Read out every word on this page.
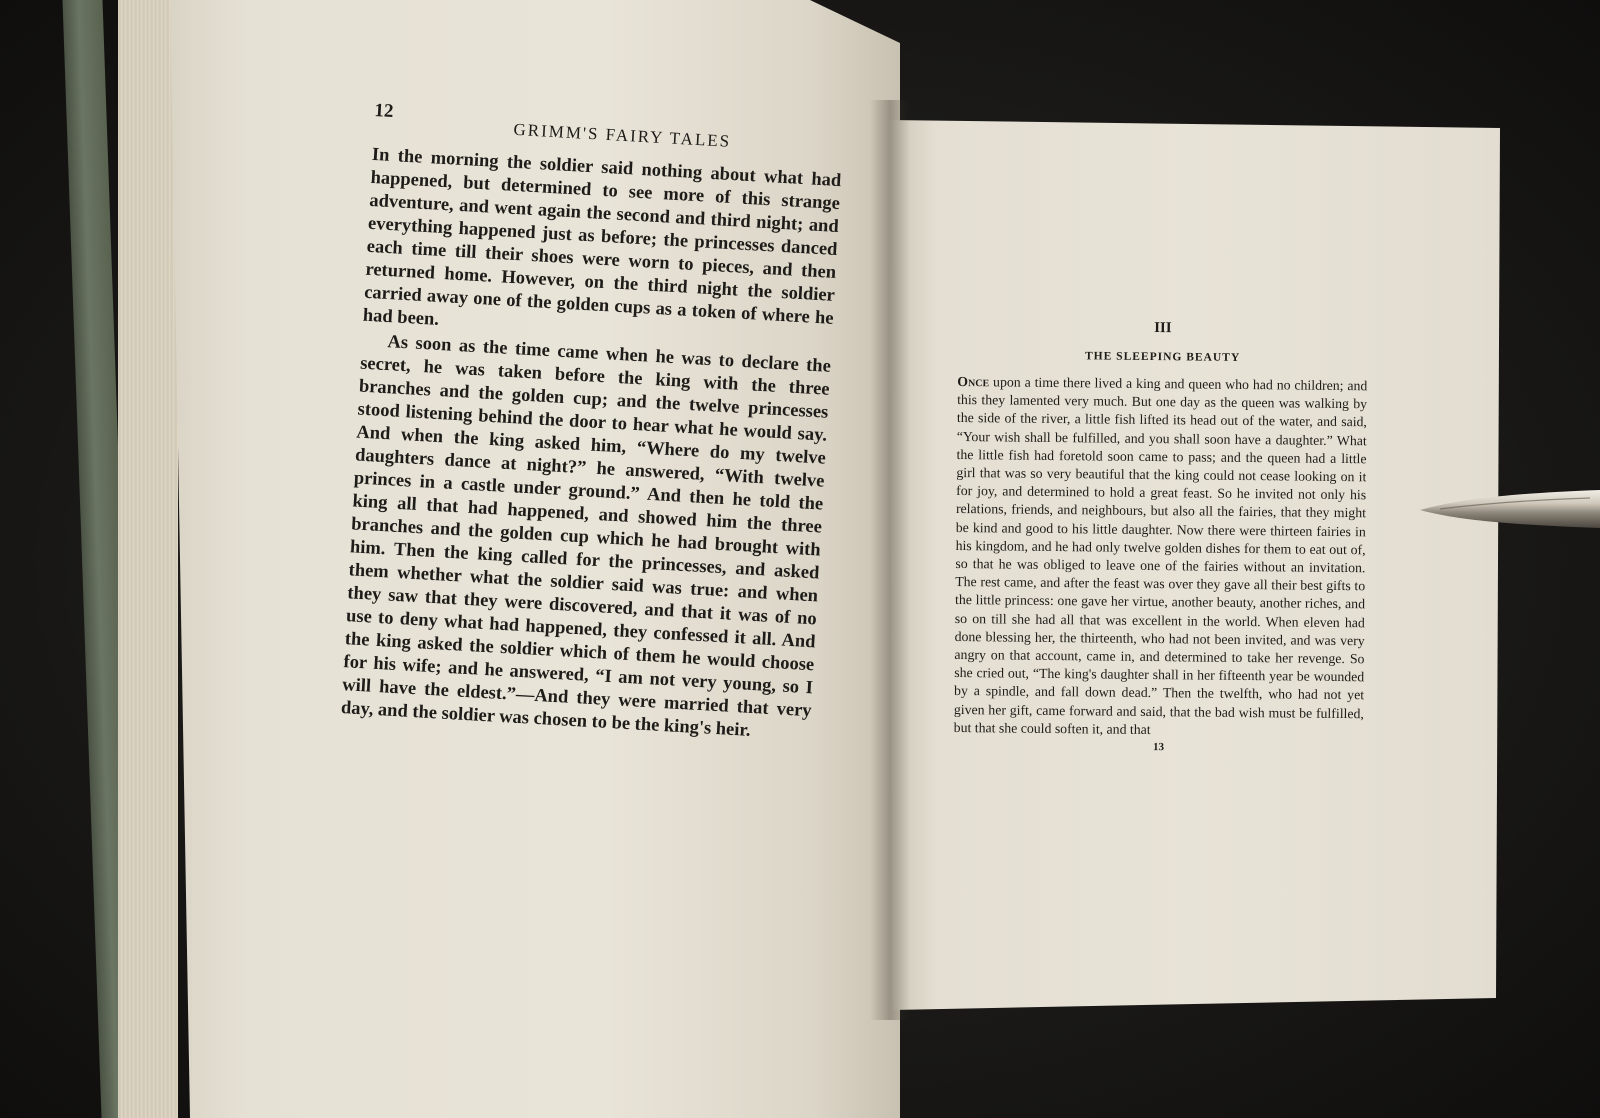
12
GRIMM'S FAIRY TALES

In the morning the soldier said nothing about what had happened, but determined to see more of this strange adventure, and went again the second and third night; and everything happened just as before; the princesses danced each time till their shoes were worn to pieces, and then returned home. However, on the third night the soldier carried away one of the golden cups as a token of where he had been.

As soon as the time came when he was to declare the secret, he was taken before the king with the three branches and the golden cup; and the twelve princesses stood listening behind the door to hear what he would say. And when the king asked him, “Where do my twelve daughters dance at night?” he answered, “With twelve princes in a castle under ground.” And then he told the king all that had happened, and showed him the three branches and the golden cup which he had brought with him. Then the king called for the princesses, and asked them whether what the soldier said was true: and when they saw that they were discovered, and that it was of no use to deny what had happened, they confessed it all. And the king asked the soldier which of them he would choose for his wife; and he answered, “I am not very young, so I will have the eldest.”—And they were married that very day, and the soldier was chosen to be the king's heir.

III

THE SLEEPING BEAUTY

Once upon a time there lived a king and queen who had no children; and this they lamented very much. But one day as the queen was walking by the side of the river, a little fish lifted its head out of the water, and said, “Your wish shall be fulfilled, and you shall soon have a daughter.” What the little fish had foretold soon came to pass; and the queen had a little girl that was so very beautiful that the king could not cease looking on it for joy, and determined to hold a great feast. So he invited not only his relations, friends, and neighbours, but also all the fairies, that they might be kind and good to his little daughter. Now there were thirteen fairies in his kingdom, and he had only twelve golden dishes for them to eat out of, so that he was obliged to leave one of the fairies without an invitation. The rest came, and after the feast was over they gave all their best gifts to the little princess: one gave her virtue, another beauty, another riches, and so on till she had all that was excellent in the world. When eleven had done blessing her, the thirteenth, who had not been invited, and was very angry on that account, came in, and determined to take her revenge. So she cried out, “The king's daughter shall in her fifteenth year be wounded by a spindle, and fall down dead.” Then the twelfth, who had not yet given her gift, came forward and said, that the bad wish must be fulfilled, but that she could soften it, and that

13
